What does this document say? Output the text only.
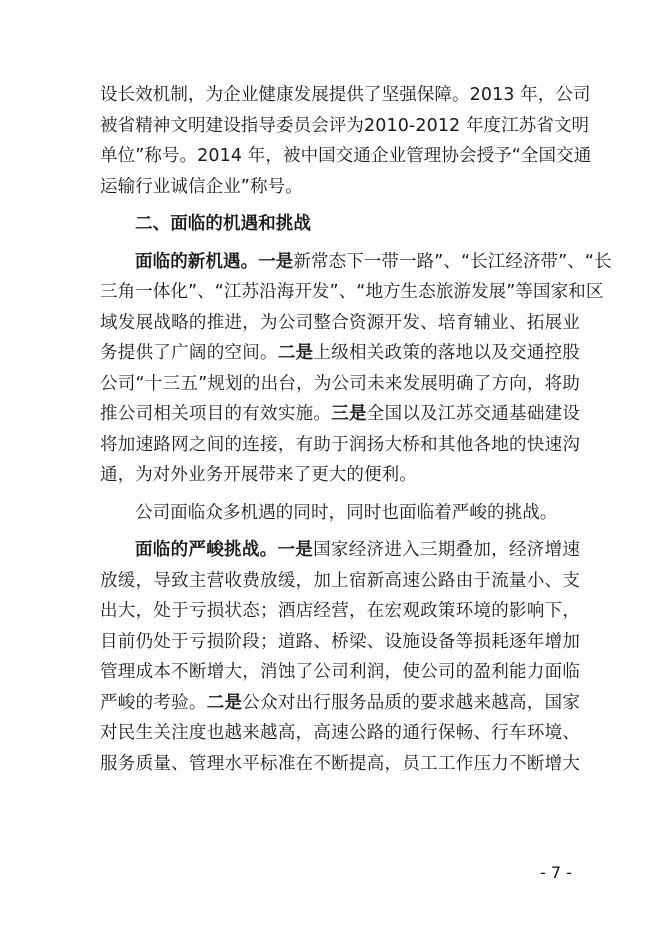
设长效机制，为企业健康发展提供了坚强保障。2013 年，公司
被省精神文明建设指导委员会评为2010-2012 年度江苏省文明
单位”称号。2014 年，被中国交通企业管理协会授予“全国交通
运输行业诚信企业”称号。
二、面临的机遇和挑战
面临的新机遇。一是新常态下一带一路”、“长江经济带”、“长
三角一体化”、“江苏沿海开发”、“地方生态旅游发展”等国家和区
域发展战略的推进，为公司整合资源开发、培育辅业、拓展业
务提供了广阔的空间。二是上级相关政策的落地以及交通控股
公司“十三五”规划的出台，为公司未来发展明确了方向，将助
推公司相关项目的有效实施。三是全国以及江苏交通基础建设
将加速路网之间的连接，有助于润扬大桥和其他各地的快速沟
通，为对外业务开展带来了更大的便利。
公司面临众多机遇的同时，同时也面临着严峻的挑战。
面临的严峻挑战。一是国家经济进入三期叠加，经济增速
放缓，导致主营收费放缓，加上宿新高速公路由于流量小、支
出大，处于亏损状态；酒店经营，在宏观政策环境的影响下，
目前仍处于亏损阶段；道路、桥梁、设施设备等损耗逐年增加
管理成本不断增大，消蚀了公司利润，使公司的盈利能力面临
严峻的考验。二是公众对出行服务品质的要求越来越高，国家
对民生关注度也越来越高，高速公路的通行保畅、行车环境、
服务质量、管理水平标准在不断提高，员工工作压力不断增大
- 7 -
